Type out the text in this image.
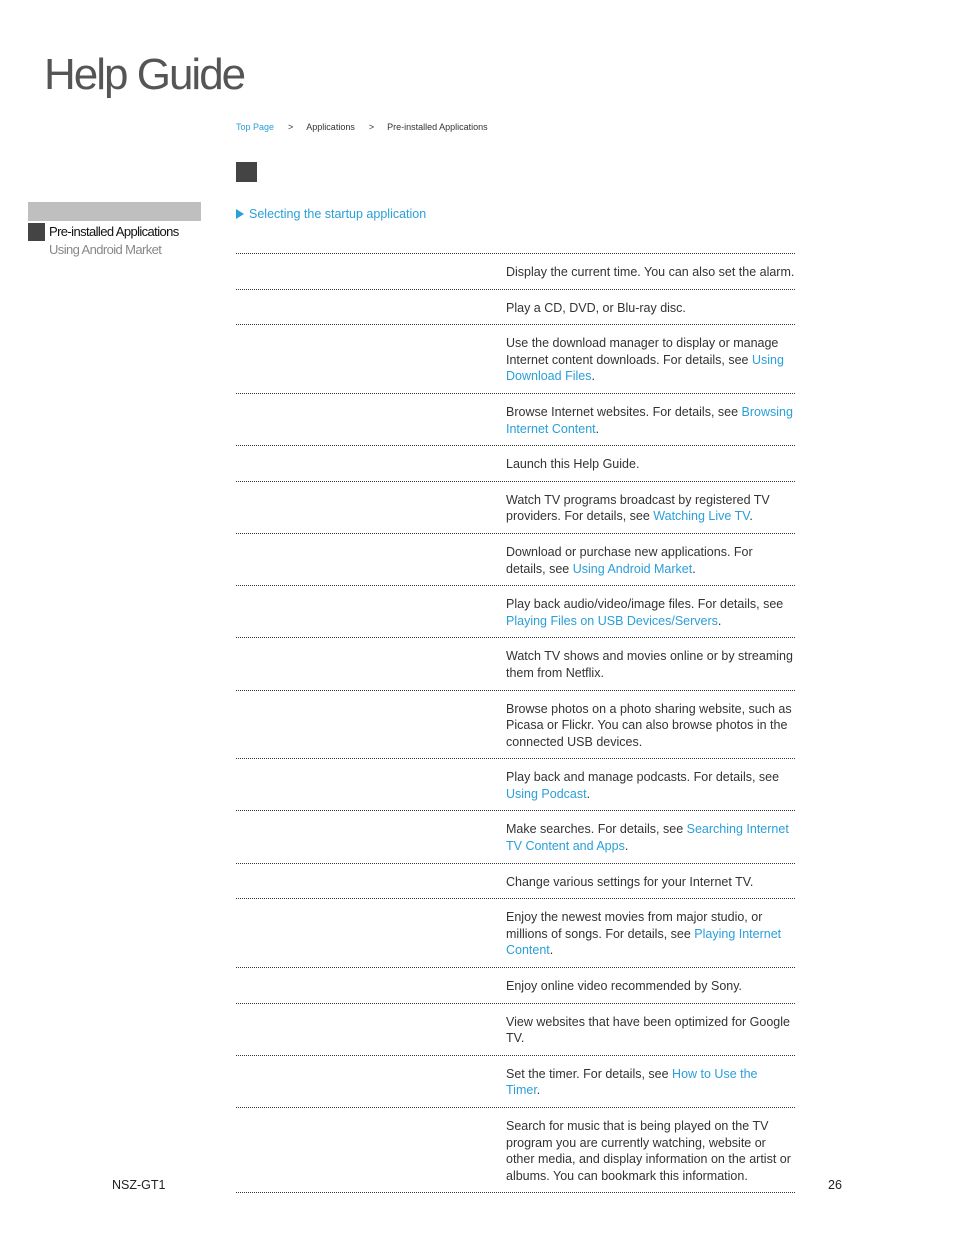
Help Guide
Top Page > Applications > Pre-installed Applications
Pre-installed Applications
Using Android Market
Selecting the startup application
Display the current time. You can also set the alarm.
Play a CD, DVD, or Blu-ray disc.
Use the download manager to display or manage Internet content downloads. For details, see Using Download Files.
Browse Internet websites. For details, see Browsing Internet Content.
Launch this Help Guide.
Watch TV programs broadcast by registered TV providers. For details, see Watching Live TV.
Download or purchase new applications. For details, see Using Android Market.
Play back audio/video/image files. For details, see Playing Files on USB Devices/Servers.
Watch TV shows and movies online or by streaming them from Netflix.
Browse photos on a photo sharing website, such as Picasa or Flickr. You can also browse photos in the connected USB devices.
Play back and manage podcasts. For details, see Using Podcast.
Make searches. For details, see Searching Internet TV Content and Apps.
Change various settings for your Internet TV.
Enjoy the newest movies from major studio, or millions of songs. For details, see Playing Internet Content.
Enjoy online video recommended by Sony.
View websites that have been optimized for Google TV.
Set the timer. For details, see How to Use the Timer.
Search for music that is being played on the TV program you are currently watching, website or other media, and display information on the artist or albums. You can bookmark this information.
NSZ-GT1	26
